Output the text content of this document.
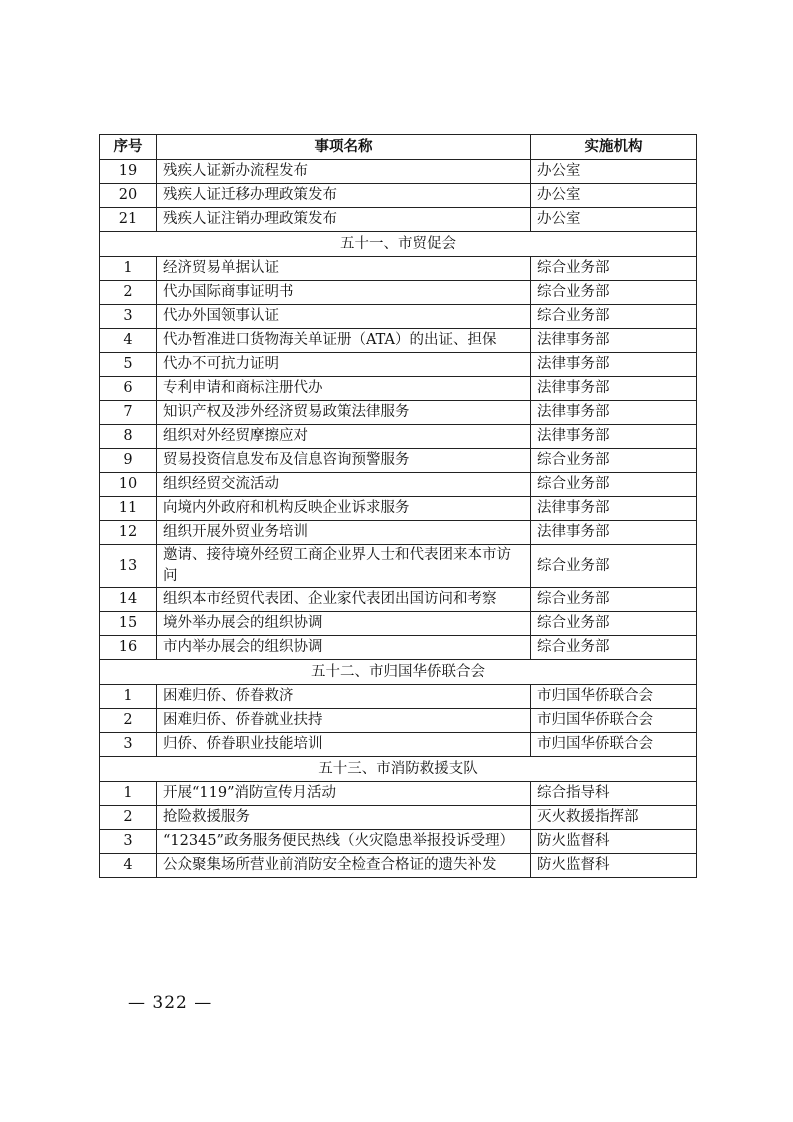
序号	事项名称	实施机构
19	残疾人证新办流程发布	办公室
20	残疾人证迁移办理政策发布	办公室
21	残疾人证注销办理政策发布	办公室
五十一、市贸促会		
1	经济贸易单据认证	综合业务部
2	代办国际商事证明书	综合业务部
3	代办外国领事认证	综合业务部
4	代办暂准进口货物海关单证册（ATA）的出证、担保	法律事务部
5	代办不可抗力证明	法律事务部
6	专利申请和商标注册代办	法律事务部
7	知识产权及涉外经济贸易政策法律服务	法律事务部
8	组织对外经贸摩擦应对	法律事务部
9	贸易投资信息发布及信息咨询预警服务	综合业务部
10	组织经贸交流活动	综合业务部
11	向境内外政府和机构反映企业诉求服务	法律事务部
12	组织开展外贸业务培训	法律事务部
13	邀请、接待境外经贸工商企业界人士和代表团来本市访问	综合业务部
14	组织本市经贸代表团、企业家代表团出国访问和考察	综合业务部
15	境外举办展会的组织协调	综合业务部
16	市内举办展会的组织协调	综合业务部
五十二、市归国华侨联合会		
1	困难归侨、侨眷救济	市归国华侨联合会
2	困难归侨、侨眷就业扶持	市归国华侨联合会
3	归侨、侨眷职业技能培训	市归国华侨联合会
五十三、市消防救援支队		
1	开展“119”消防宣传月活动	综合指导科
2	抢险救援服务	灭火救援指挥部
3	“12345”政务服务便民热线（火灾隐患举报投诉受理）	防火监督科
4	公众聚集场所营业前消防安全检查合格证的遗失补发	防火监督科
— 322 —
